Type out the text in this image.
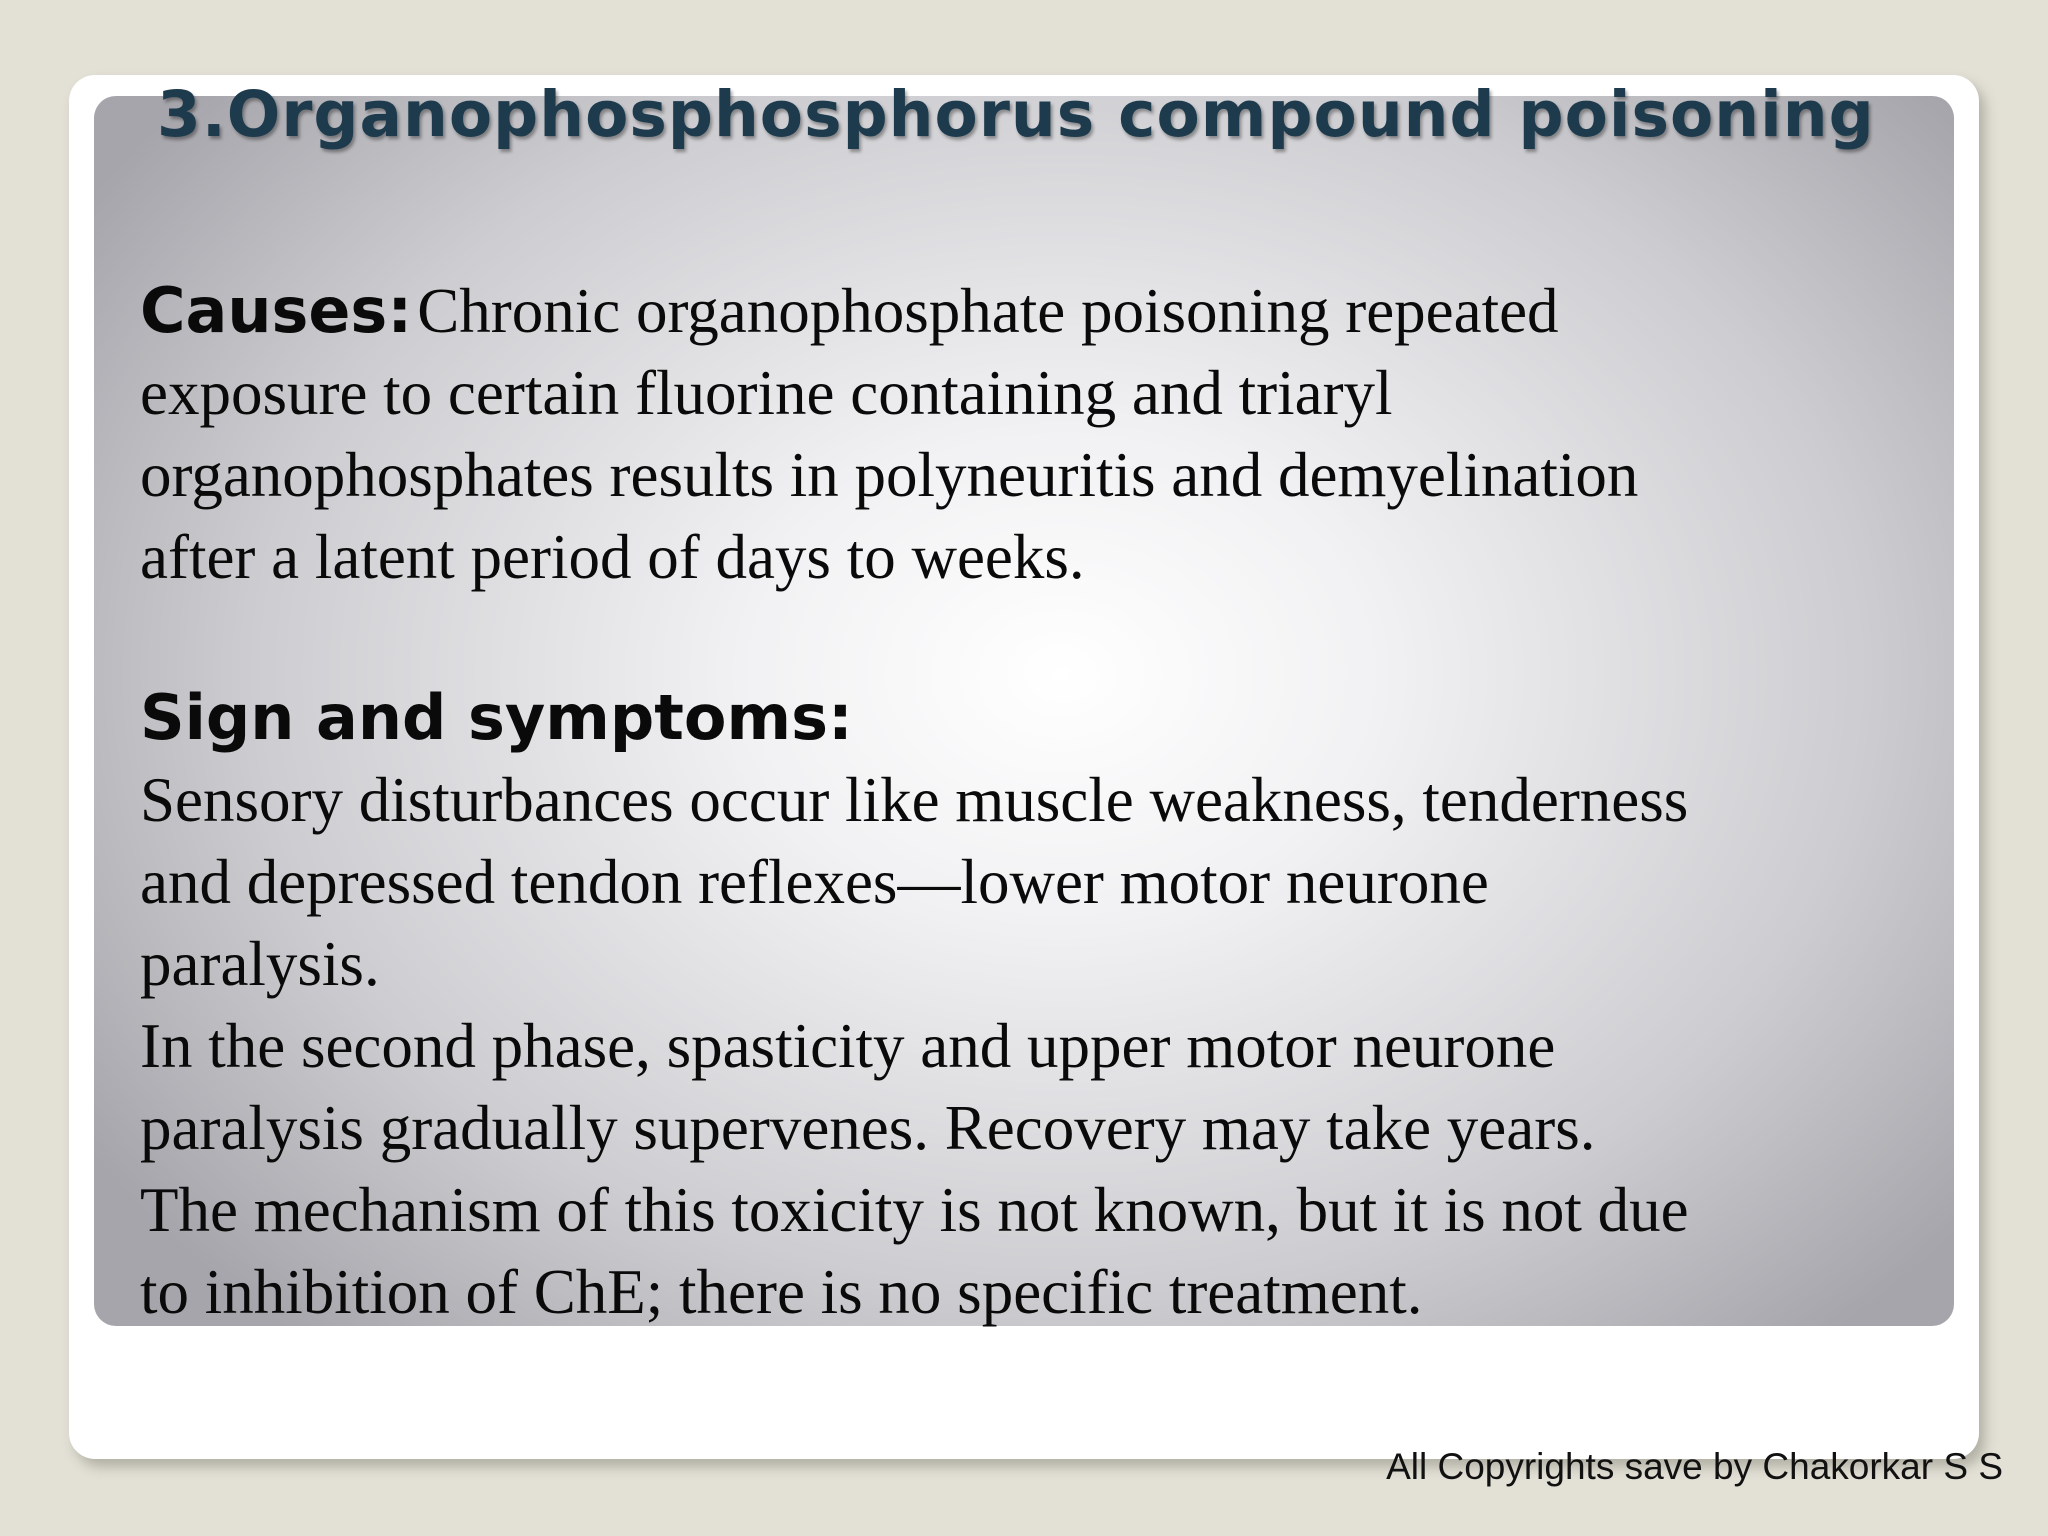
3.Organophosphosphorus compound poisoning
Causes: Chronic organophosphate poisoning repeated
exposure to certain fluorine containing and triaryl
organophosphates results in polyneuritis and demyelination
after a latent period of days to weeks.
Sign and symptoms:
Sensory disturbances occur like muscle weakness, tenderness
and depressed tendon reflexes—lower motor neurone
paralysis.
In the second phase, spasticity and upper motor neurone
paralysis gradually supervenes. Recovery may take years.
The mechanism of this toxicity is not known, but it is not due
to inhibition of ChE; there is no specific treatment.
All Copyrights save by Chakorkar S S
